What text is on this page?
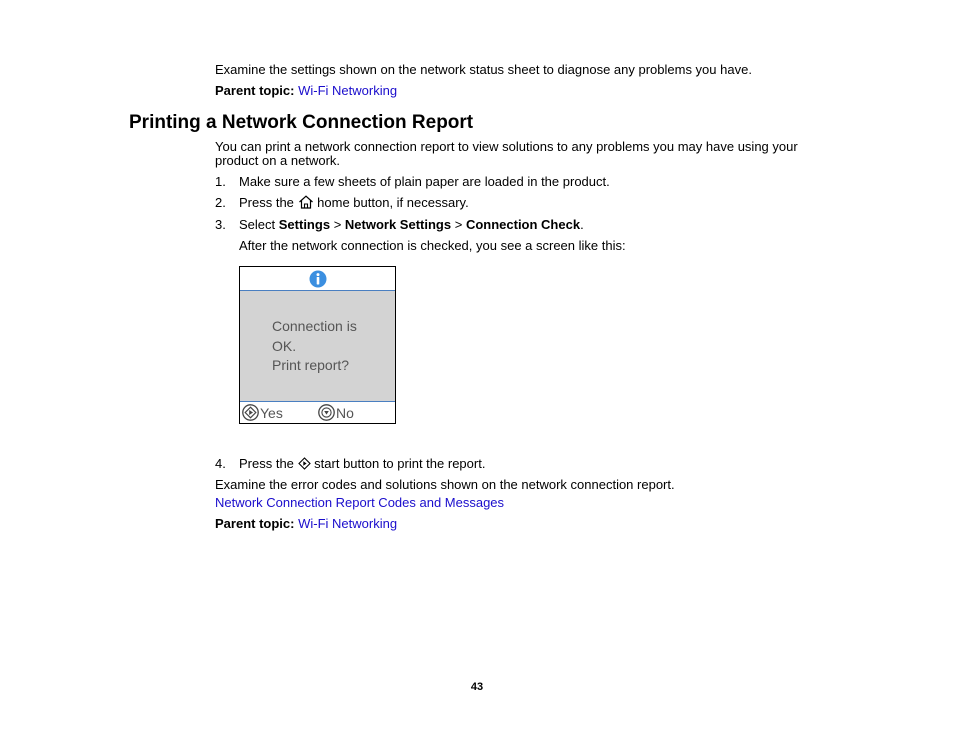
Examine the settings shown on the network status sheet to diagnose any problems you have.
Parent topic: Wi-Fi Networking
Printing a Network Connection Report
You can print a network connection report to view solutions to any problems you may have using your
product on a network.
1. Make sure a few sheets of plain paper are loaded in the product.
2. Press the home button, if necessary.
3. Select Settings > Network Settings > Connection Check.
After the network connection is checked, you see a screen like this:
Connection is
OK.
Print report?
Yes	No
4. Press the start button to print the report.
Examine the error codes and solutions shown on the network connection report.
Network Connection Report Codes and Messages
Parent topic: Wi-Fi Networking
43
